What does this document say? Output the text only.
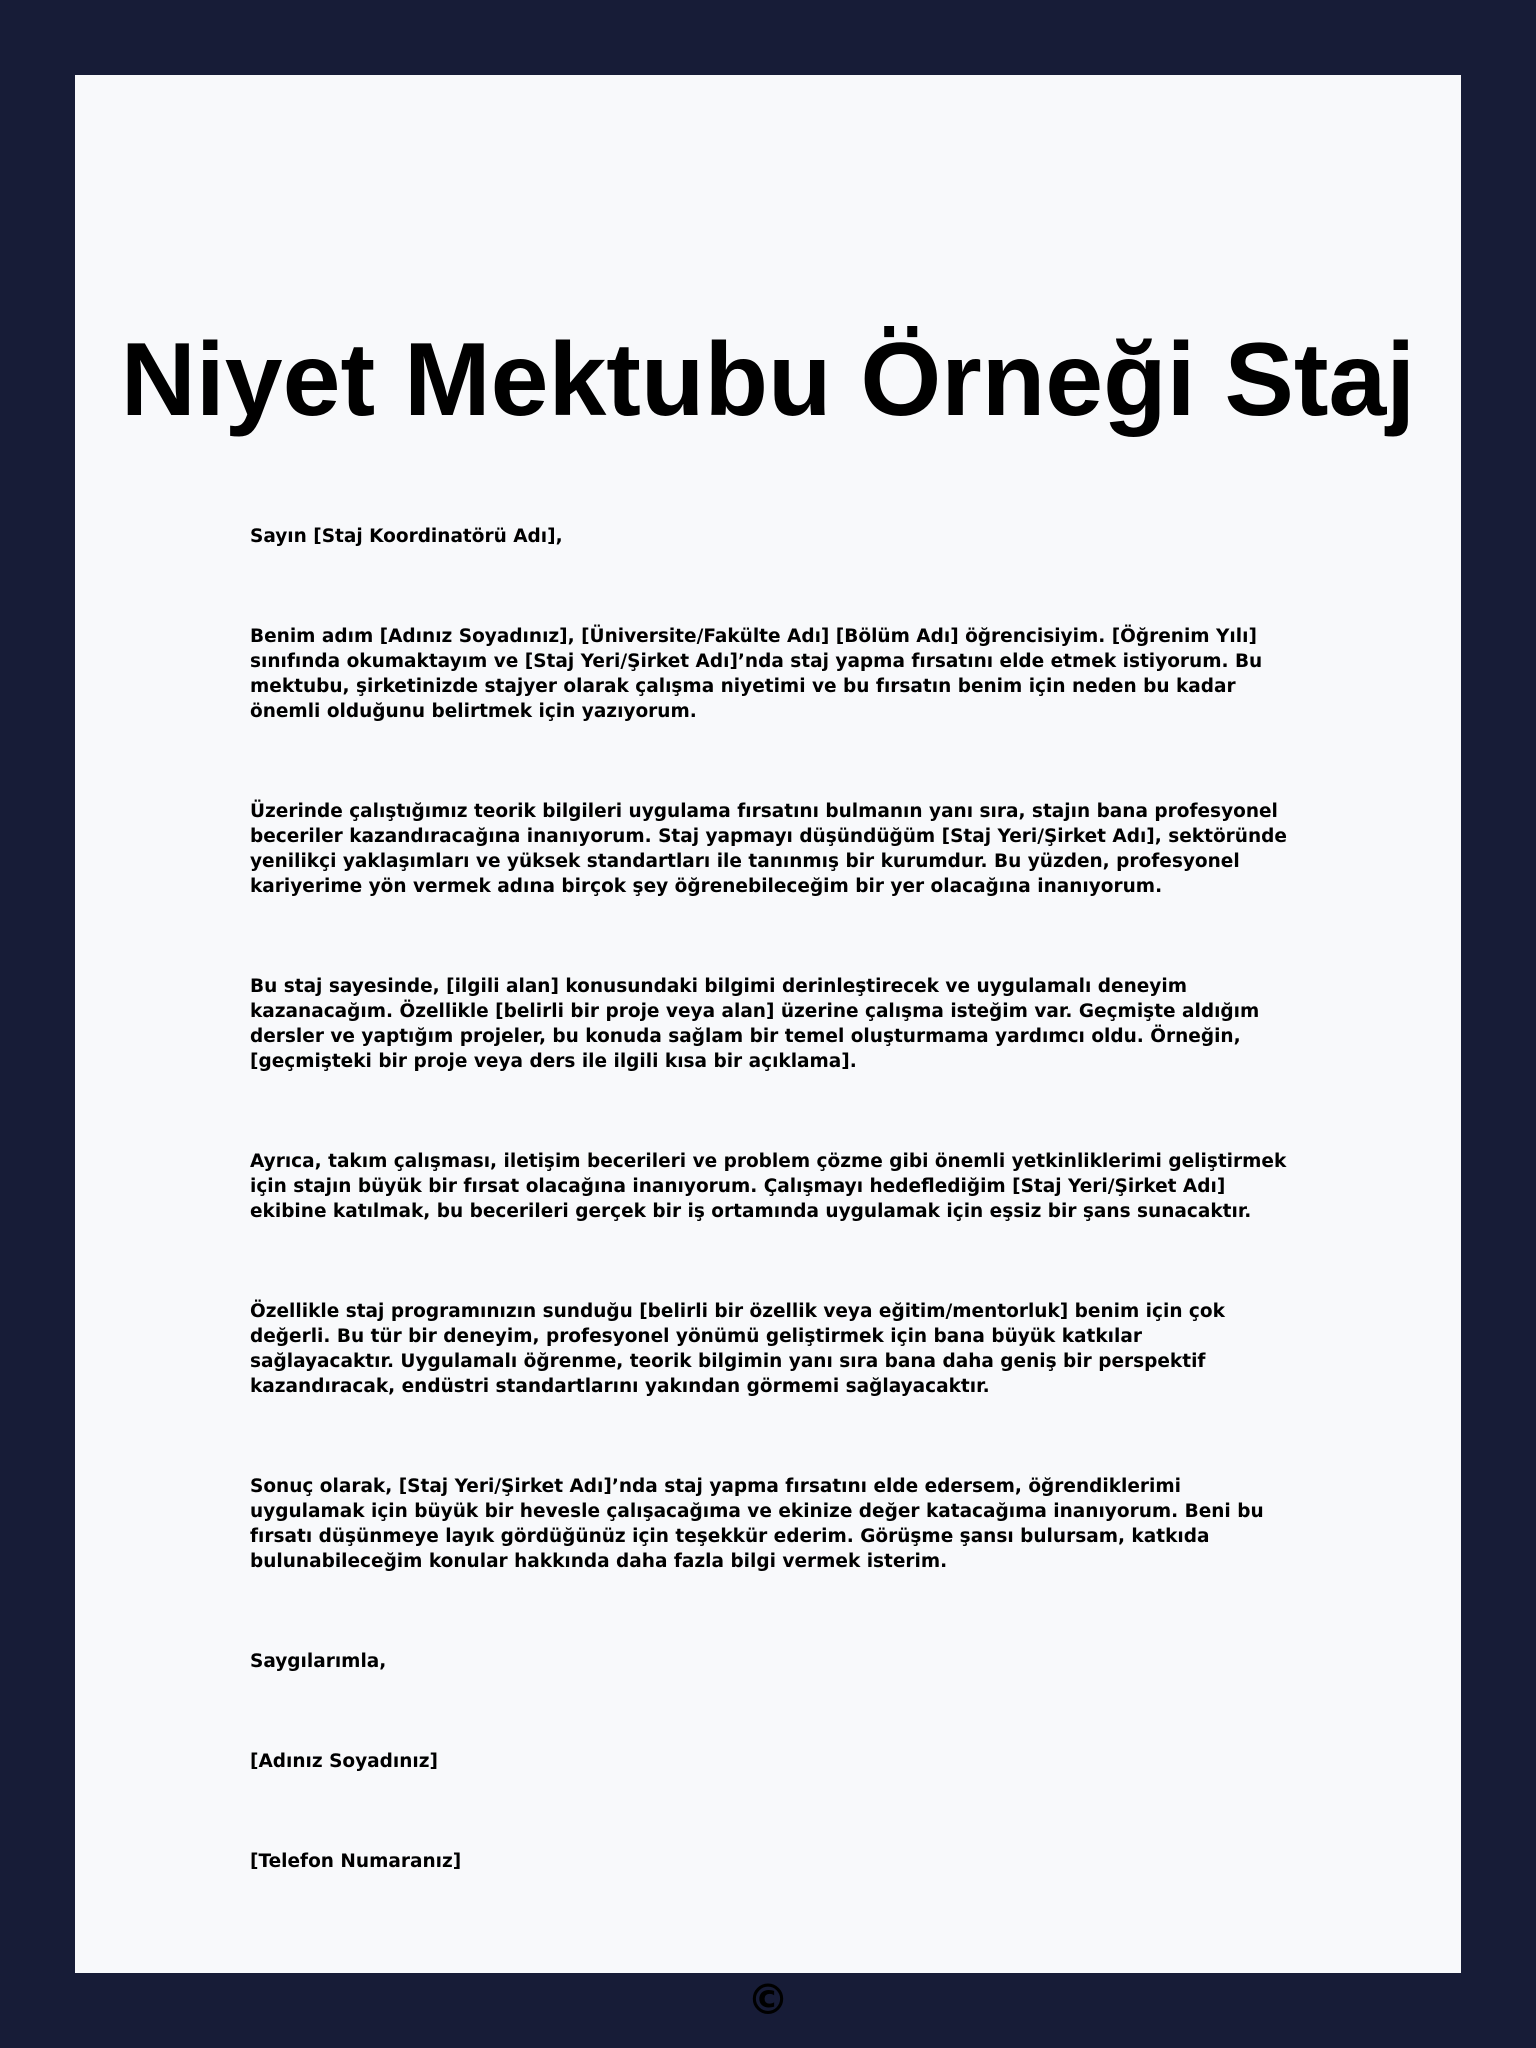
Niyet Mektubu Örneği Staj

Sayın [Staj Koordinatörü Adı],

Benim adım [Adınız Soyadınız], [Üniversite/Fakülte Adı] [Bölüm Adı] öğrencisiyim. [Öğrenim Yılı] sınıfında okumaktayım ve [Staj Yeri/Şirket Adı]’nda staj yapma fırsatını elde etmek istiyorum. Bu mektubu, şirketinizde stajyer olarak çalışma niyetimi ve bu fırsatın benim için neden bu kadar önemli olduğunu belirtmek için yazıyorum.

Üzerinde çalıştığımız teorik bilgileri uygulama fırsatını bulmanın yanı sıra, stajın bana profesyonel beceriler kazandıracağına inanıyorum. Staj yapmayı düşündüğüm [Staj Yeri/Şirket Adı], sektöründe yenilikçi yaklaşımları ve yüksek standartları ile tanınmış bir kurumdur. Bu yüzden, profesyonel kariyerime yön vermek adına birçok şey öğrenebileceğim bir yer olacağına inanıyorum.

Bu staj sayesinde, [ilgili alan] konusundaki bilgimi derinleştirecek ve uygulamalı deneyim kazanacağım. Özellikle [belirli bir proje veya alan] üzerine çalışma isteğim var. Geçmişte aldığım dersler ve yaptığım projeler, bu konuda sağlam bir temel oluşturmama yardımcı oldu. Örneğin, [geçmişteki bir proje veya ders ile ilgili kısa bir açıklama].

Ayrıca, takım çalışması, iletişim becerileri ve problem çözme gibi önemli yetkinliklerimi geliştirmek için stajın büyük bir fırsat olacağına inanıyorum. Çalışmayı hedeflediğim [Staj Yeri/Şirket Adı] ekibine katılmak, bu becerileri gerçek bir iş ortamında uygulamak için eşsiz bir şans sunacaktır.

Özellikle staj programınızın sunduğu [belirli bir özellik veya eğitim/mentorluk] benim için çok değerli. Bu tür bir deneyim, profesyonel yönümü geliştirmek için bana büyük katkılar sağlayacaktır. Uygulamalı öğrenme, teorik bilgimin yanı sıra bana daha geniş bir perspektif kazandıracak, endüstri standartlarını yakından görmemi sağlayacaktır.

Sonuç olarak, [Staj Yeri/Şirket Adı]’nda staj yapma fırsatını elde edersem, öğrendiklerimi uygulamak için büyük bir hevesle çalışacağıma ve ekinize değer katacağıma inanıyorum. Beni bu fırsatı düşünmeye layık gördüğünüz için teşekkür ederim. Görüşme şansı bulursam, katkıda bulunabileceğim konular hakkında daha fazla bilgi vermek isterim.

Saygılarımla,

[Adınız Soyadınız]

[Telefon Numaranız]

©
